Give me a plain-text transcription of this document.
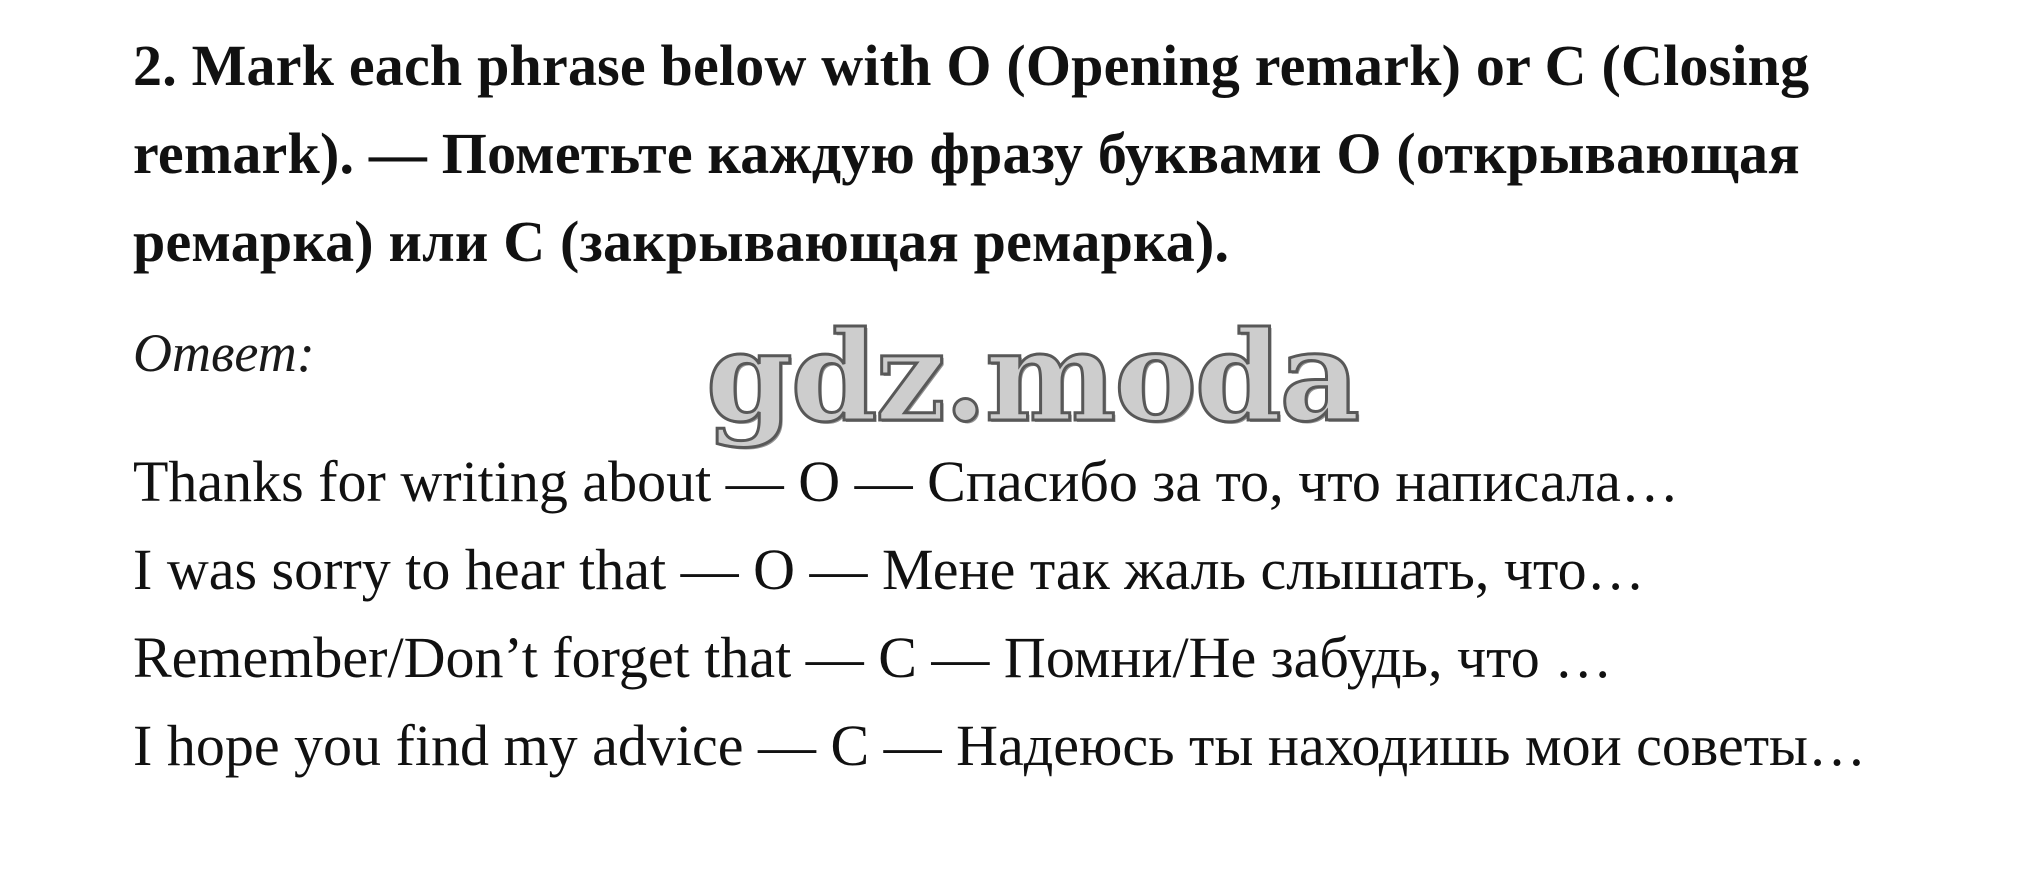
2. Mark each phrase below with O (Opening remark) or C (Closing remark). — Пометьте каждую фразу буквами О (открывающая ремарка) или С (закрывающая ремарка).

Ответ:	gdz.moda
Thanks for writing about — O — Спасибо за то, что написала…
I was sorry to hear that — O — Мене так жаль слышать, что…
Remember/Don’t forget that — C — Помни/Не забудь, что …
I hope you find my advice — C — Надеюсь ты находишь мои советы…
